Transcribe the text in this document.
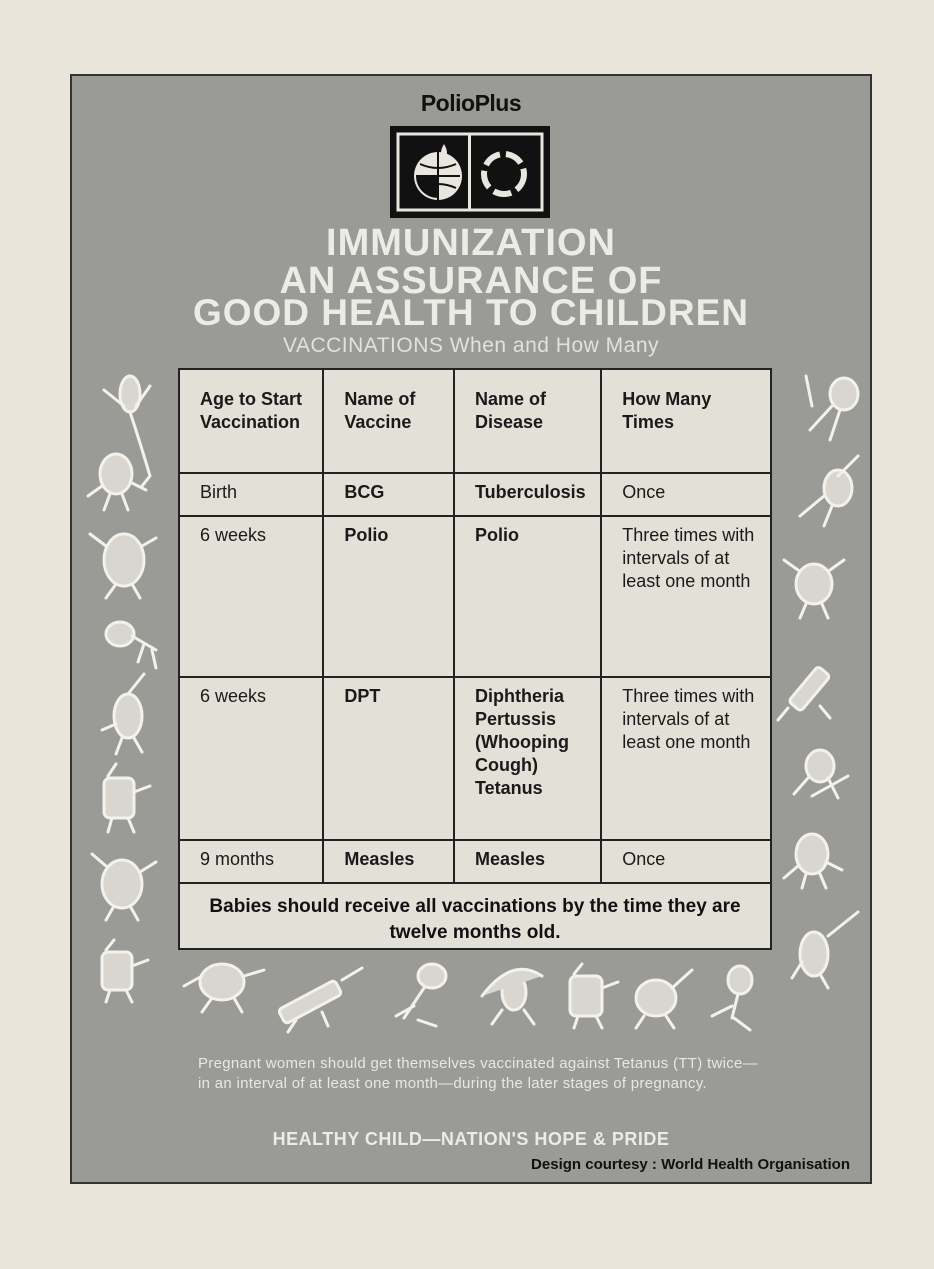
PolioPlus
IMMUNIZATION
AN ASSURANCE OF
GOOD HEALTH TO CHILDREN
VACCINATIONS When and How Many
Age to Start Vaccination	Name of Vaccine	Name of Disease	How Many Times
Birth	BCG	Tuberculosis	Once
6 weeks	Polio	Polio	Three times with intervals of at least one month
6 weeks	DPT	Diphtheria Pertussis (Whooping Cough) Tetanus	Three times with intervals of at least one month
9 months	Measles	Measles	Once
Babies should receive all vaccinations by the time they are twelve months old.
Pregnant women should get themselves vaccinated against Tetanus (TT) twice—in an interval of at least one month—during the later stages of pregnancy.
HEALTHY CHILD—NATION'S HOPE & PRIDE
Design courtesy : World Health Organisation
